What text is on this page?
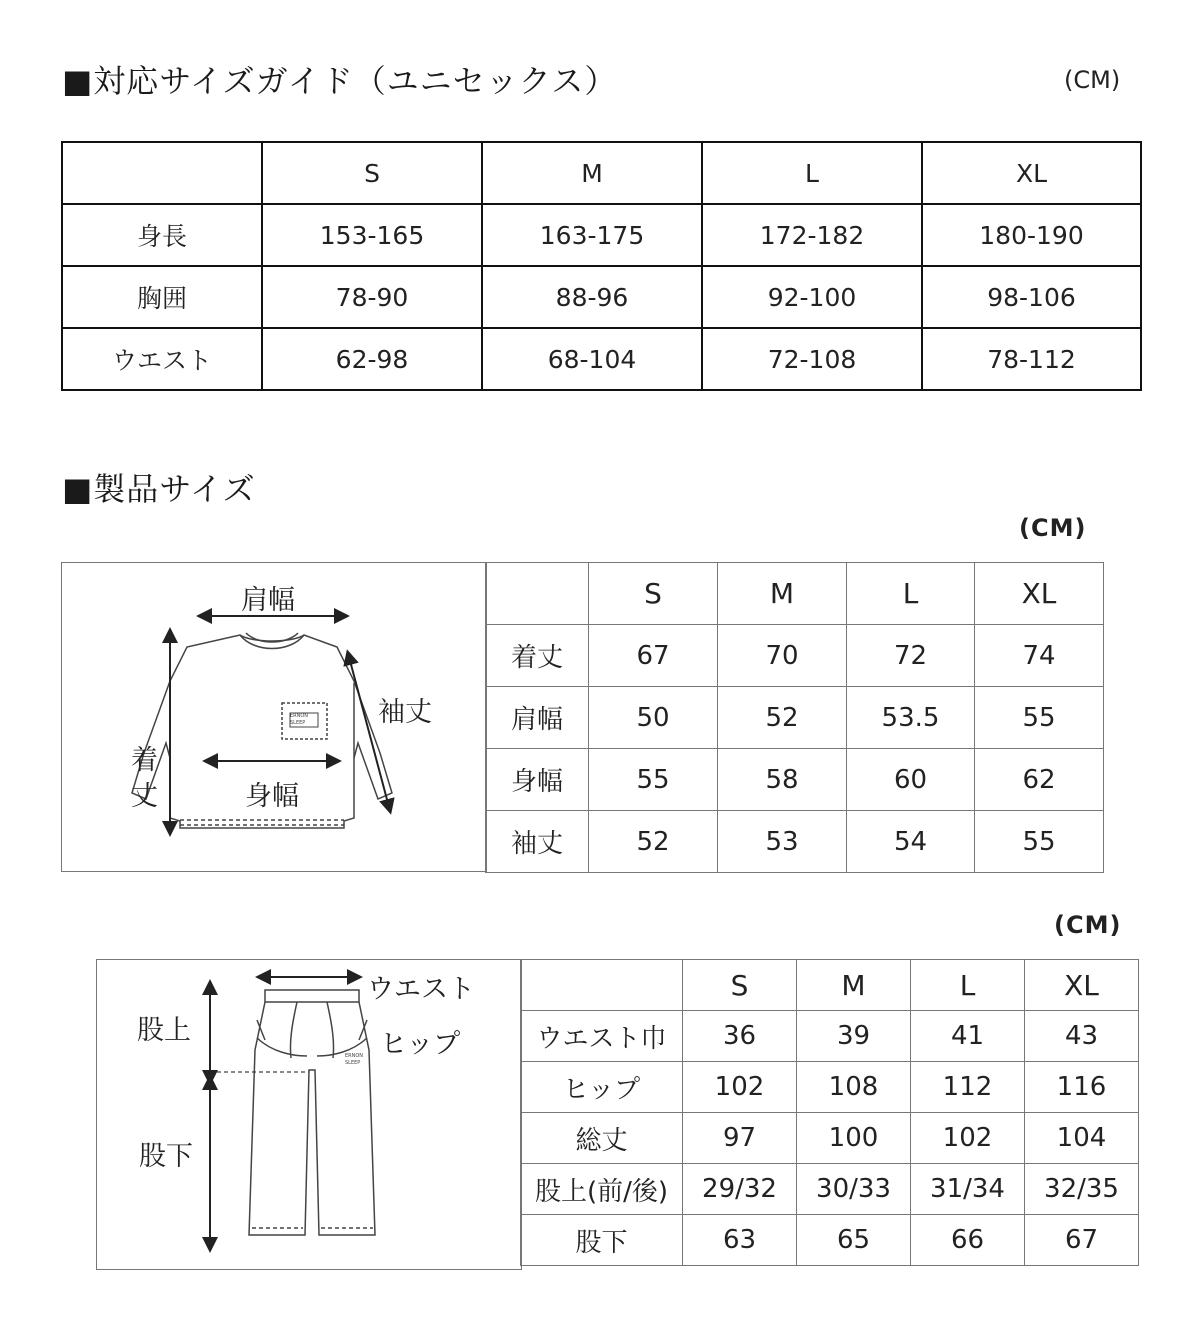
■対応サイズガイド（ユニセックス）	(CM)
	S	M	L	XL
身長	153-165	163-175	172-182	180-190
胸囲	78-90	88-96	92-100	98-106
ウエスト	62-98	68-104	72-108	78-112
■製品サイズ
(CM)
ERNON
SLEEP
肩幅
袖丈
着
丈	身幅
	S	M	L	XL
着丈	67	70	72	74
肩幅	50	52	53.5	55
身幅	55	58	60	62
袖丈	52	53	54	55
(CM)
ERNON
SLEEP
ウエスト
ヒップ
股上
股下
	S	M	L	XL
ウエスト巾	36	39	41	43
ヒップ	102	108	112	116
総丈	97	100	102	104
股上(前/後)	29/32	30/33	31/34	32/35
股下	63	65	66	67
